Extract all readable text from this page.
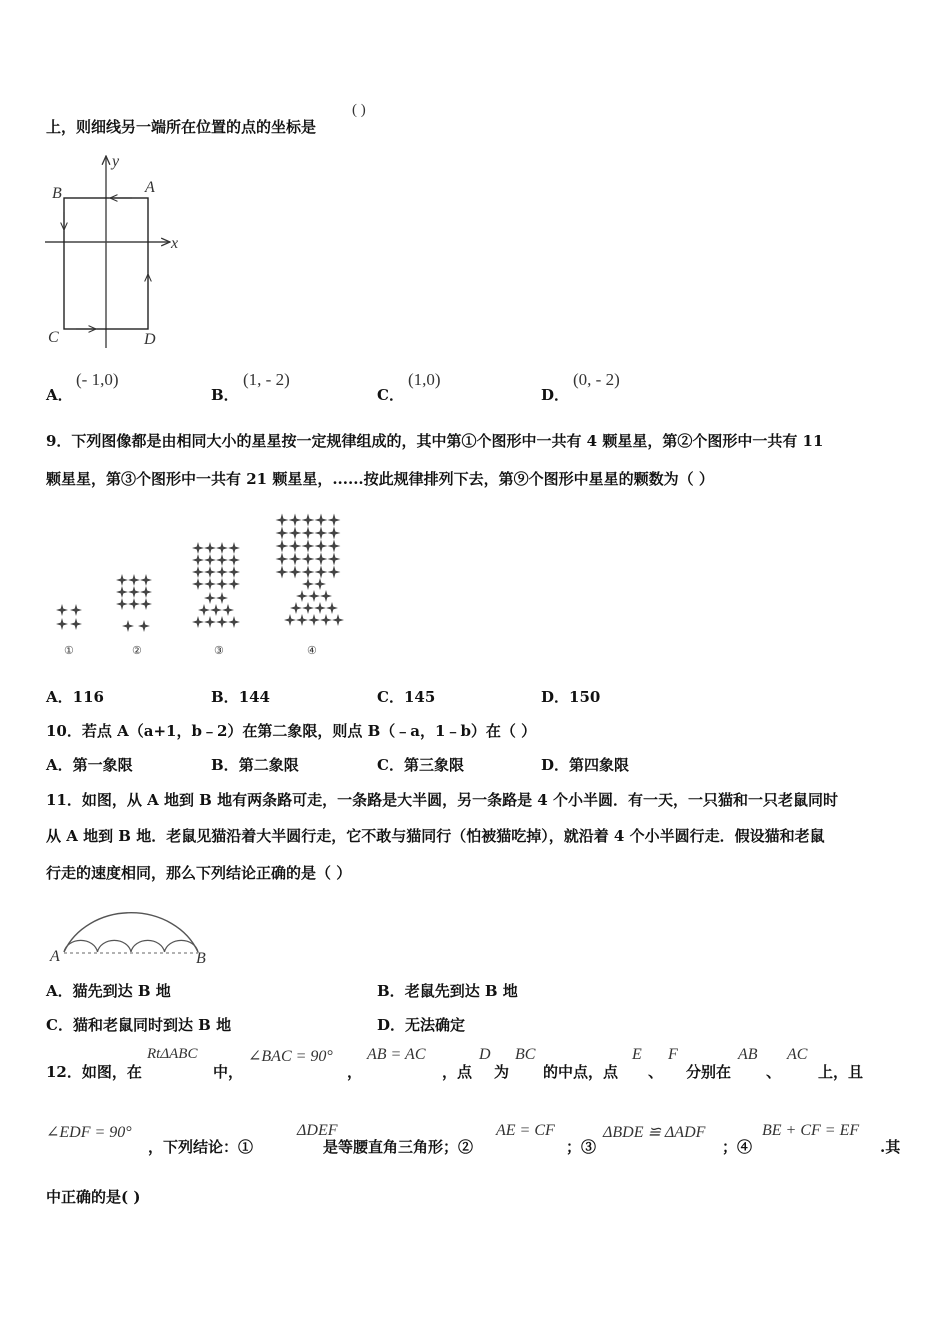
上，则细线另一端所在位置的点的坐标是
( )
y
x
A
B
C	D
A．
(- 1,0)
B．
(1, - 2)
C．
(1,0)
D．
(0, - 2)
9．下列图像都是由相同大小的星星按一定规律组成的，其中第①个图形中一共有 4 颗星星，第②个图形中一共有 11
颗星星，第③个图形中一共有 21 颗星星，......按此规律排列下去，第⑨个图形中星星的颗数为（ ）
①	②	③	④
A．116	B．144	C．145	D．150
10．若点 A（a+1，b﹣2）在第二象限，则点 B（﹣a，1﹣b）在（ ）
A．第一象限	B．第二象限	C．第三象限	D．第四象限
11．如图，从 A 地到 B 地有两条路可走，一条路是大半圆，另一条路是 4 个小半圆．有一天，一只猫和一只老鼠同时
从 A 地到 B 地．老鼠见猫沿着大半圆行走，它不敢与猫同行（怕被猫吃掉），就沿着 4 个小半圆行走．假设猫和老鼠
行走的速度相同，那么下列结论正确的是（ ）
A	B
A．猫先到达 B 地	B．老鼠先到达 B 地
C．猫和老鼠同时到达 B 地	D．无法确定
12．如图，在
RtΔABC
中，
∠BAC = 90°
，
AB = AC
，点
D
为
BC
的中点，点
E
、
F
分别在
AB
、
AC
上，且
∠EDF = 90°
，下列结论：①
ΔDEF
是等腰直角三角形；②
AE = CF
；③
ΔBDE ≌ ΔADF
；④
BE + CF = EF
.其
中正确的是( )
